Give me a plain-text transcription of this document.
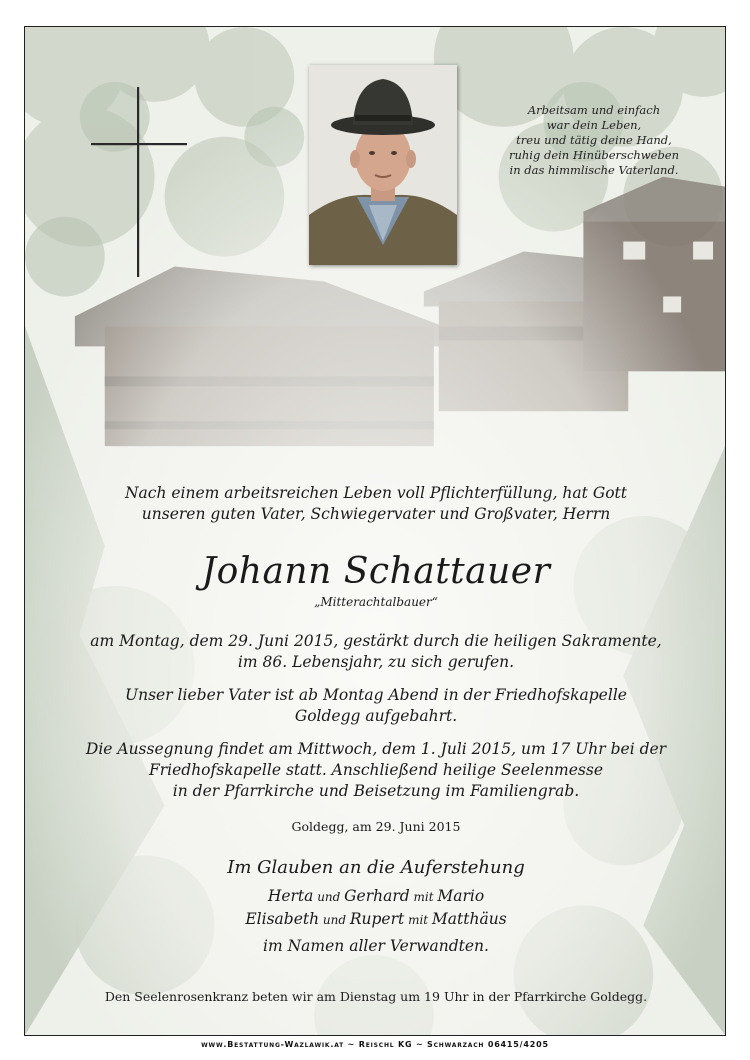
Arbeitsam und einfach
war dein Leben,
treu und tätig deine Hand,
ruhig dein Hinüberschweben
in das himmlische Vaterland.
Nach einem arbeitsreichen Leben voll Pflichterfüllung, hat Gott
unseren guten Vater, Schwiegervater und Großvater, Herrn
Johann Schattauer
„Mitterachtalbauer“
am Montag, dem 29. Juni 2015, gestärkt durch die heiligen Sakramente,
im 86. Lebensjahr, zu sich gerufen.
Unser lieber Vater ist ab Montag Abend in der Friedhofskapelle
Goldegg aufgebahrt.
Die Aussegnung findet am Mittwoch, dem 1. Juli 2015, um 17 Uhr bei der
Friedhofskapelle statt. Anschließend heilige Seelenmesse
in der Pfarrkirche und Beisetzung im Familiengrab.
Goldegg, am 29. Juni 2015
Im Glauben an die Auferstehung
Herta und Gerhard mit Mario
Elisabeth und Rupert mit Matthäus
im Namen aller Verwandten.
Den Seelenrosenkranz beten wir am Dienstag um 19 Uhr in der Pfarrkirche Goldegg.
www.Bestattung-Wazlawik.at ~ Reischl KG ~ Schwarzach 06415/4205
